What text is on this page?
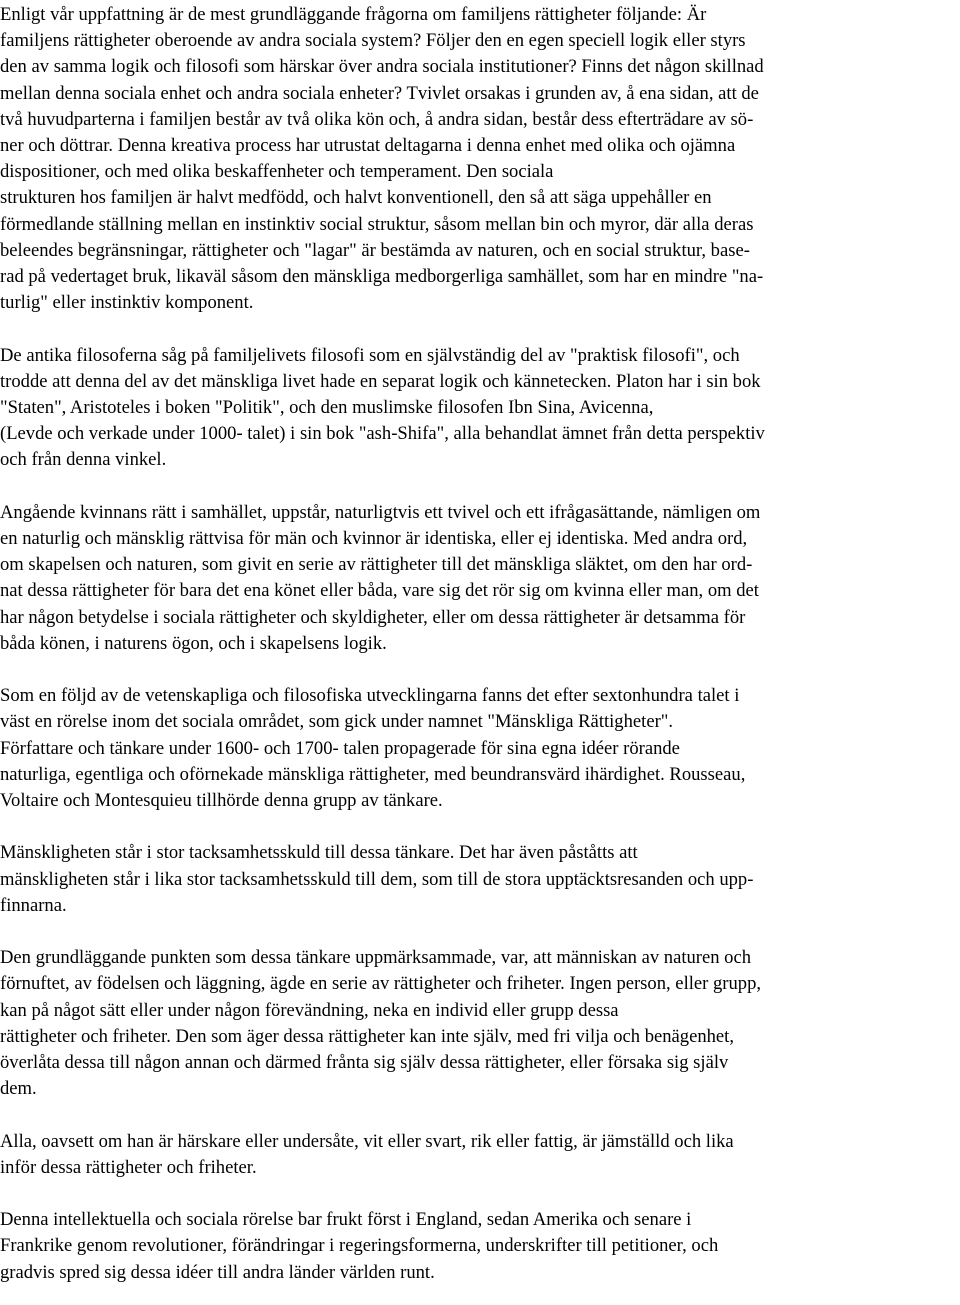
Enligt vår uppfattning är de mest grundläggande frågorna om familjens rättigheter följande: Är
familjens rättigheter oberoende av andra sociala system? Följer den en egen speciell logik eller styrs
den av samma logik och filosofi som härskar över andra sociala institutioner? Finns det någon skillnad
mellan denna sociala enhet och andra sociala enheter? Tvivlet orsakas i grunden av, å ena sidan, att de
två huvudparterna i familjen består av två olika kön och, å andra sidan, består dess efterträdare av sö-
ner och döttrar. Denna kreativa process har utrustat deltagarna i denna enhet med olika och ojämna
dispositioner, och med olika beskaffenheter och temperament. Den sociala
strukturen hos familjen är halvt medfödd, och halvt konventionell, den så att säga uppehåller en
förmedlande ställning mellan en instinktiv social struktur, såsom mellan bin och myror, där alla deras
beleendes begränsningar, rättigheter och "lagar" är bestämda av naturen, och en social struktur, base-
rad på vedertaget bruk, likaväl såsom den mänskliga medborgerliga samhället, som har en mindre "na-
turlig" eller instinktiv komponent.
De antika filosoferna såg på familjelivets filosofi som en självständig del av "praktisk filosofi", och
trodde att denna del av det mänskliga livet hade en separat logik och kännetecken. Platon har i sin bok
"Staten", Aristoteles i boken "Politik", och den muslimske filosofen Ibn Sina, Avicenna,
(Levde och verkade under 1000- talet) i sin bok "ash-Shifa", alla behandlat ämnet från detta perspektiv
och från denna vinkel.
Angående kvinnans rätt i samhället, uppstår, naturligtvis ett tvivel och ett ifrågasättande, nämligen om
en naturlig och mänsklig rättvisa för män och kvinnor är identiska, eller ej identiska. Med andra ord,
om skapelsen och naturen, som givit en serie av rättigheter till det mänskliga släktet, om den har ord-
nat dessa rättigheter för bara det ena könet eller båda, vare sig det rör sig om kvinna eller man, om det
har någon betydelse i sociala rättigheter och skyldigheter, eller om dessa rättigheter är detsamma för
båda könen, i naturens ögon, och i skapelsens logik.
Som en följd av de vetenskapliga och filosofiska utvecklingarna fanns det efter sextonhundra talet i
väst en rörelse inom det sociala området, som gick under namnet "Mänskliga Rättigheter".
Författare och tänkare under 1600- och 1700- talen propagerade för sina egna idéer rörande
naturliga, egentliga och oförnekade mänskliga rättigheter, med beundransvärd ihärdighet. Rousseau,
Voltaire och Montesquieu tillhörde denna grupp av tänkare.
Mänskligheten står i stor tacksamhetsskuld till dessa tänkare. Det har även påståtts att
mänskligheten står i lika stor tacksamhetsskuld till dem, som till de stora upptäcktsresanden och upp-
finnarna.
Den grundläggande punkten som dessa tänkare uppmärksammade, var, att människan av naturen och
förnuftet, av födelsen och läggning, ägde en serie av rättigheter och friheter. Ingen person, eller grupp,
kan på något sätt eller under någon förevändning, neka en individ eller grupp dessa
rättigheter och friheter. Den som äger dessa rättigheter kan inte själv, med fri vilja och benägenhet,
överlåta dessa till någon annan och därmed fråntа sig själv dessa rättigheter, eller försaka sig själv
dem.
Alla, oavsett om han är härskare eller undersåte, vit eller svart, rik eller fattig, är jämställd och lika
inför dessa rättigheter och friheter.
Denna intellektuella och sociala rörelse bar frukt först i England, sedan Amerika och senare i
Frankrike genom revolutioner, förändringar i regeringsformerna, underskrifter till petitioner, och
gradvis spred sig dessa idéer till andra länder världen runt.
